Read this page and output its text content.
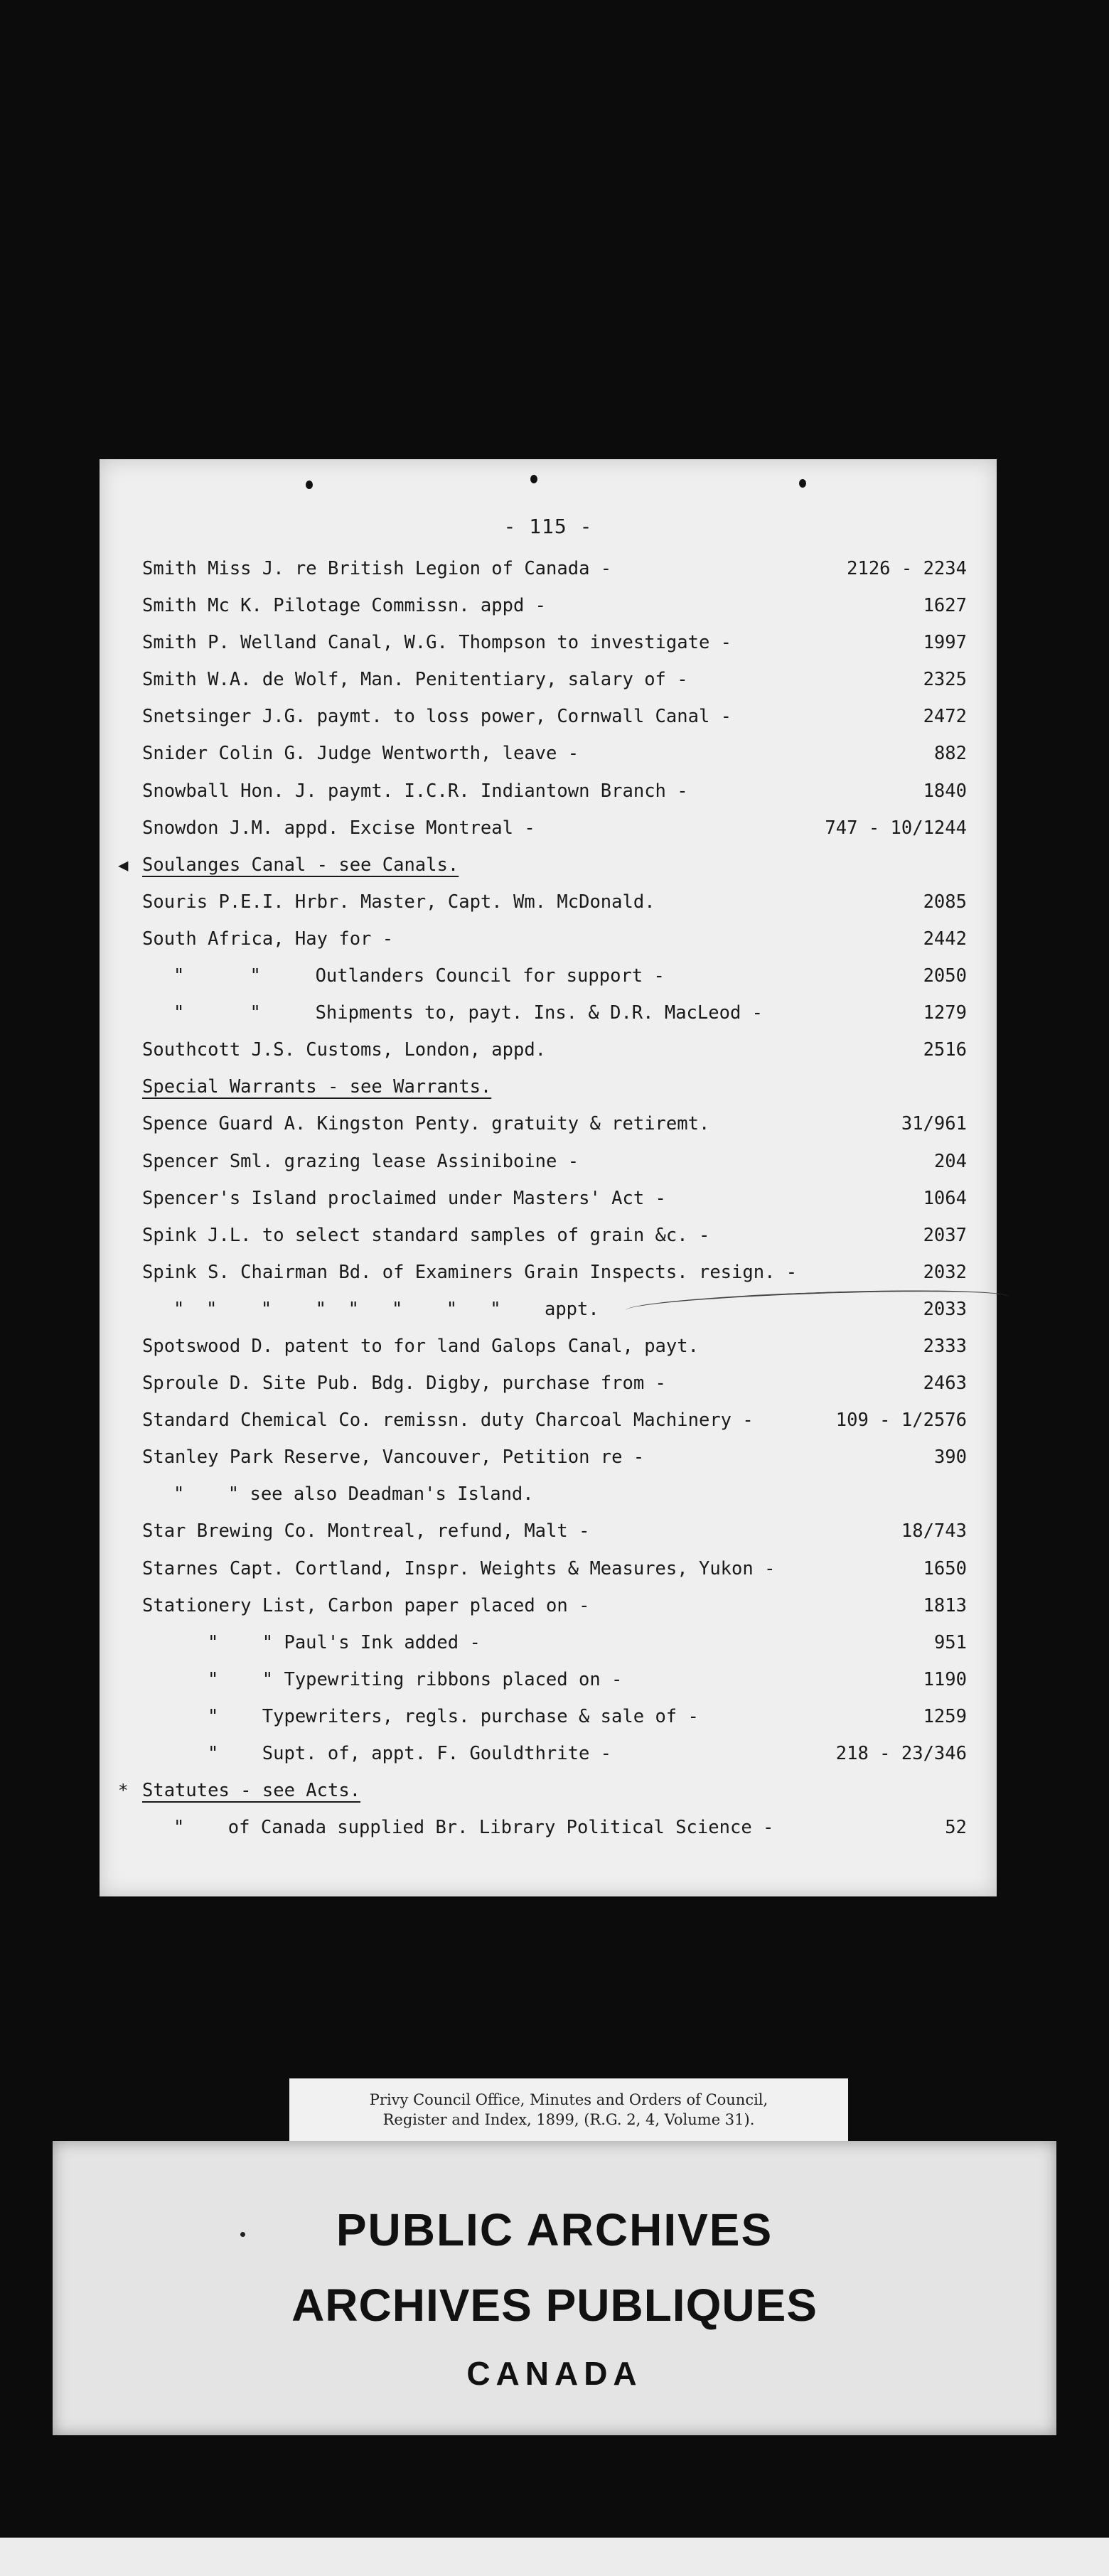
- 115 -
Smith Miss J. re British Legion of Canada -	2126 - 2234
Smith Mc K. Pilotage Commissn. appd -	1627
Smith P. Welland Canal, W.G. Thompson to investigate -	1997
Smith W.A. de Wolf, Man. Penitentiary, salary of -	2325
Snetsinger J.G. paymt. to loss power, Cornwall Canal -	2472
Snider Colin G. Judge Wentworth, leave -	882
Snowball Hon. J. paymt. I.C.R. Indiantown Branch -	1840
Snowdon J.M. appd. Excise Montreal -	747 - 10/1244
◀ Soulanges Canal - see Canals.
Souris P.E.I. Hrbr. Master, Capt. Wm. McDonald.	2085
South Africa, Hay for -	2442
"      "     Outlanders Council for support -	2050
"      "     Shipments to, payt. Ins. & D.R. MacLeod -	1279
Southcott J.S. Customs, London, appd.	2516
Special Warrants - see Warrants.
Spence Guard A. Kingston Penty. gratuity & retiremt.	31/961
Spencer Sml. grazing lease Assiniboine -	204
Spencer's Island proclaimed under Masters' Act -	1064
Spink J.L. to select standard samples of grain &c. -	2037
Spink S. Chairman Bd. of Examiners Grain Inspects. resign. -	2032
"  "    "    "  "   "    "   "    appt.	2033
Spotswood D. patent to for land Galops Canal, payt.	2333
Sproule D. Site Pub. Bdg. Digby, purchase from -	2463
Standard Chemical Co. remissn. duty Charcoal Machinery -	109 - 1/2576
Stanley Park Reserve, Vancouver, Petition re -	390
"    " see also Deadman's Island.
Star Brewing Co. Montreal, refund, Malt -	18/743
Starnes Capt. Cortland, Inspr. Weights & Measures, Yukon -	1650
Stationery List, Carbon paper placed on -	1813
"    " Paul's Ink added -	951
"    " Typewriting ribbons placed on -	1190
"    Typewriters, regls. purchase & sale of -	1259
"    Supt. of, appt. F. Gouldthrite -	218 - 23/346
* Statutes - see Acts.
"    of Canada supplied Br. Library Political Science -	52
Privy Council Office, Minutes and Orders of Council,
Register and Index, 1899, (R.G. 2, 4, Volume 31).
PUBLIC ARCHIVES
ARCHIVES PUBLIQUES
CANADA
